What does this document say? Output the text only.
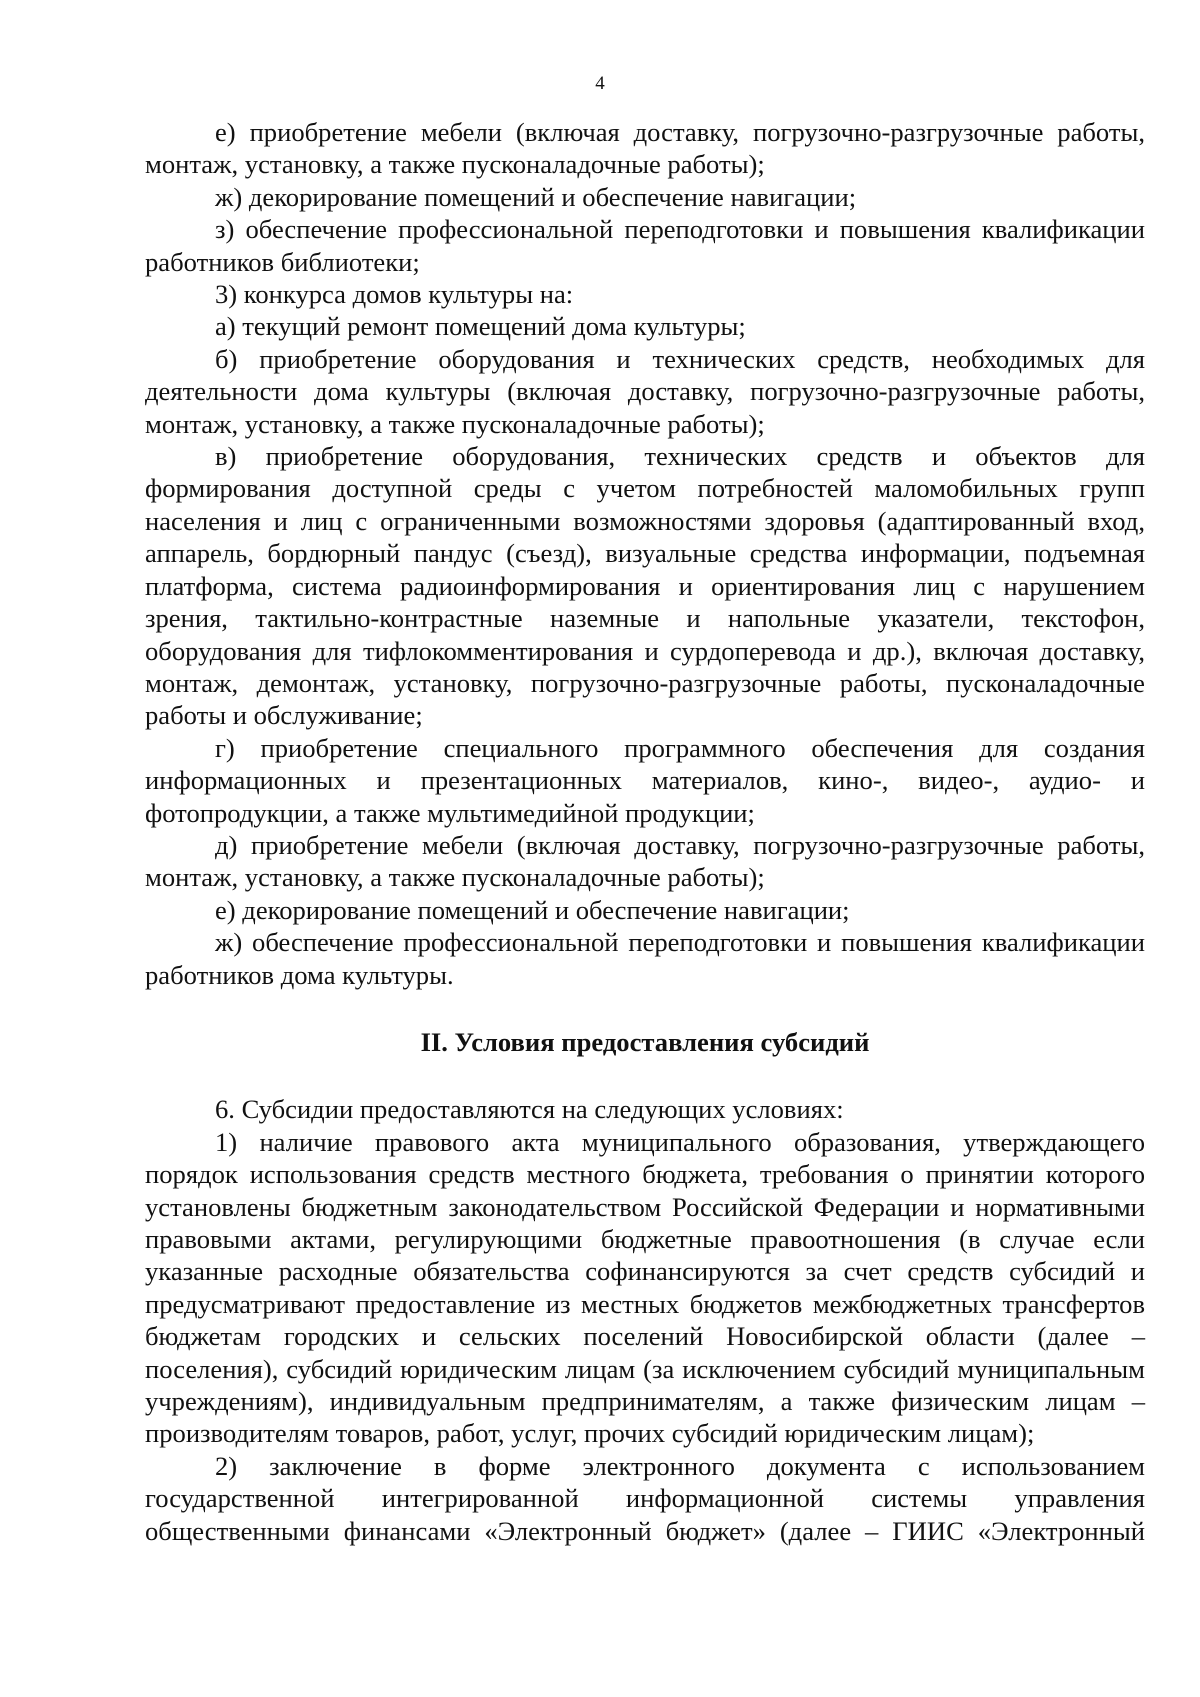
4

е) приобретение мебели (включая доставку, погрузочно-разгрузочные работы, монтаж, установку, а также пусконаладочные работы);

ж) декорирование помещений и обеспечение навигации;

з) обеспечение профессиональной переподготовки и повышения квалификации работников библиотеки;

3) конкурса домов культуры на:

а) текущий ремонт помещений дома культуры;

б) приобретение оборудования и технических средств, необходимых для деятельности дома культуры (включая доставку, погрузочно-разгрузочные работы, монтаж, установку, а также пусконаладочные работы);

в) приобретение оборудования, технических средств и объектов для формирования доступной среды с учетом потребностей маломобильных групп населения и лиц с ограниченными возможностями здоровья (адаптированный вход, аппарель, бордюрный пандус (съезд), визуальные средства информации, подъемная платформа, система радиоинформирования и ориентирования лиц с нарушением зрения, тактильно-контрастные наземные и напольные указатели, текстофон, оборудования для тифлокомментирования и сурдоперевода и др.), включая доставку, монтаж, демонтаж, установку, погрузочно-разгрузочные работы, пусконаладочные работы и обслуживание;

г) приобретение специального программного обеспечения для создания информационных и презентационных материалов, кино-, видео-, аудио- и фотопродукции, а также мультимедийной продукции;

д) приобретение мебели (включая доставку, погрузочно-разгрузочные работы, монтаж, установку, а также пусконаладочные работы);

е) декорирование помещений и обеспечение навигации;

ж) обеспечение профессиональной переподготовки и повышения квалификации работников дома культуры.

II. Условия предоставления субсидий

6. Субсидии предоставляются на следующих условиях:

1) наличие правового акта муниципального образования, утверждающего порядок использования средств местного бюджета, требования о принятии которого установлены бюджетным законодательством Российской Федерации и нормативными правовыми актами, регулирующими бюджетные правоотношения (в случае если указанные расходные обязательства софинансируются за счет средств субсидий и предусматривают предоставление из местных бюджетов межбюджетных трансфертов бюджетам городских и сельских поселений Новосибирской области (далее – поселения), субсидий юридическим лицам (за исключением субсидий муниципальным учреждениям), индивидуальным предпринимателям, а также физическим лицам – производителям товаров, работ, услуг, прочих субсидий юридическим лицам);

2) заключение в форме электронного документа с использованием государственной интегрированной информационной системы управления общественными финансами «Электронный бюджет» (далее – ГИИС «Электронный
